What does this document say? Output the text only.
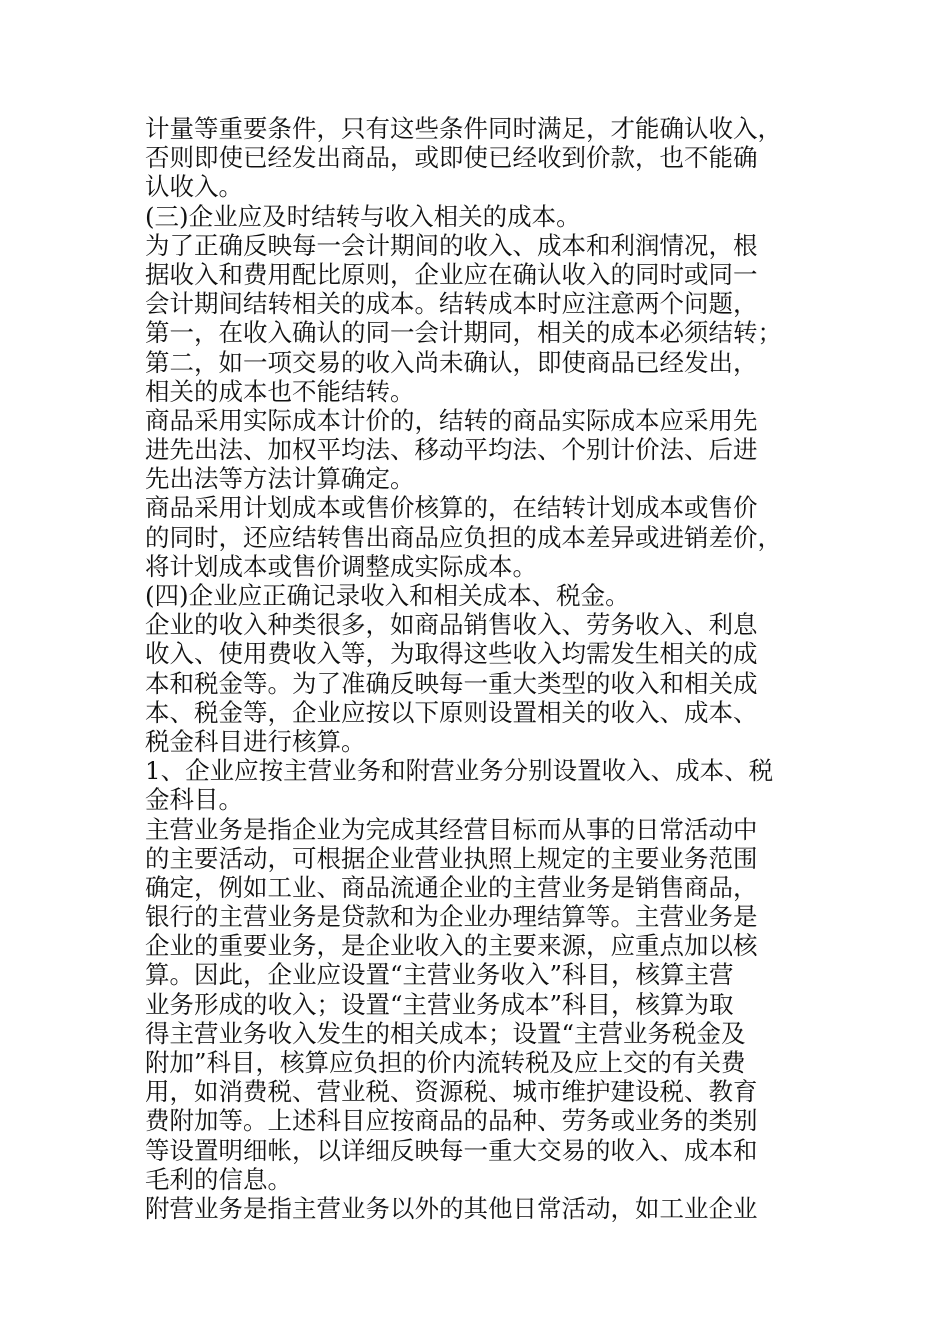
计量等重要条件，只有这些条件同时满足，才能确认收入，
否则即使已经发出商品，或即使已经收到价款，也不能确
认收入。
(三)企业应及时结转与收入相关的成本。
为了正确反映每一会计期间的收入、成本和利润情况，根
据收入和费用配比原则，企业应在确认收入的同时或同一
会计期间结转相关的成本。结转成本时应注意两个问题，
第一，在收入确认的同一会计期同，相关的成本必须结转；
第二，如一项交易的收入尚未确认，即使商品已经发出，
相关的成本也不能结转。
商品采用实际成本计价的，结转的商品实际成本应采用先
进先出法、加权平均法、移动平均法、个别计价法、后进
先出法等方法计算确定。
商品采用计划成本或售价核算的，在结转计划成本或售价
的同时，还应结转售出商品应负担的成本差异或进销差价，
将计划成本或售价调整成实际成本。
(四)企业应正确记录收入和相关成本、税金。
企业的收入种类很多，如商品销售收入、劳务收入、利息
收入、使用费收入等，为取得这些收入均需发生相关的成
本和税金等。为了准确反映每一重大类型的收入和相关成
本、税金等，企业应按以下原则设置相关的收入、成本、
税金科目进行核算。
1、企业应按主营业务和附营业务分别设置收入、成本、税
金科目。
主营业务是指企业为完成其经营目标而从事的日常活动中
的主要活动，可根据企业营业执照上规定的主要业务范围
确定，例如工业、商品流通企业的主营业务是销售商品，
银行的主营业务是贷款和为企业办理结算等。主营业务是
企业的重要业务，是企业收入的主要来源，应重点加以核
算。因此，企业应设置“主营业务收入”科目，核算主营
业务形成的收入；设置“主营业务成本”科目，核算为取
得主营业务收入发生的相关成本；设置“主营业务税金及
附加”科目，核算应负担的价内流转税及应上交的有关费
用，如消费税、营业税、资源税、城市维护建设税、教育
费附加等。上述科目应按商品的品种、劳务或业务的类别
等设置明细帐，以详细反映每一重大交易的收入、成本和
毛利的信息。
附营业务是指主营业务以外的其他日常活动，如工业企业
